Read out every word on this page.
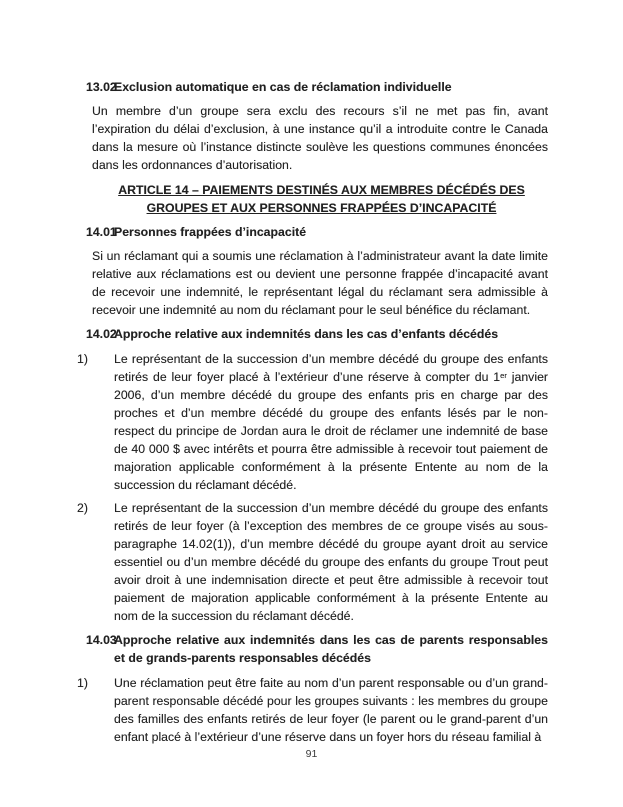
13.02
Exclusion automatique en cas de réclamation individuelle
Un membre d’un groupe sera exclu des recours s’il ne met pas fin, avant l’expiration du délai d’exclusion, à une instance qu’il a introduite contre le Canada dans la mesure où l’instance distincte soulève les questions communes énoncées dans les ordonnances d’autorisation.
ARTICLE 14 – PAIEMENTS DESTINÉS AUX MEMBRES DÉCÉDÉS DES
GROUPES ET AUX PERSONNES FRAPPÉES D’INCAPACITÉ
14.01
Personnes frappées d’incapacité
Si un réclamant qui a soumis une réclamation à l’administrateur avant la date limite relative aux réclamations est ou devient une personne frappée d’incapacité avant de recevoir une indemnité, le représentant légal du réclamant sera admissible à recevoir une indemnité au nom du réclamant pour le seul bénéfice du réclamant.
14.02
Approche relative aux indemnités dans les cas d’enfants décédés
1)	Le représentant de la succession d’un membre décédé du groupe des enfants retirés de leur foyer placé à l’extérieur d’une réserve à compter du 1er janvier 2006, d’un membre décédé du groupe des enfants pris en charge par des proches et d’un membre décédé du groupe des enfants lésés par le non-respect du principe de Jordan aura le droit de réclamer une indemnité de base de 40 000 $ avec intérêts et pourra être admissible à recevoir tout paiement de majoration applicable conformément à la présente Entente au nom de la succession du réclamant décédé.
2)	Le représentant de la succession d’un membre décédé du groupe des enfants retirés de leur foyer (à l’exception des membres de ce groupe visés au sous-paragraphe 14.02(1)), d’un membre décédé du groupe ayant droit au service essentiel ou d’un membre décédé du groupe des enfants du groupe Trout peut avoir droit à une indemnisation directe et peut être admissible à recevoir tout paiement de majoration applicable conformément à la présente Entente au nom de la succession du réclamant décédé.
14.03
Approche relative aux indemnités dans les cas de parents responsables et de grands-parents responsables décédés
1)	Une réclamation peut être faite au nom d’un parent responsable ou d’un grand-parent responsable décédé pour les groupes suivants : les membres du groupe des familles des enfants retirés de leur foyer (le parent ou le grand-parent d’un enfant placé à l’extérieur d’une réserve dans un foyer hors du réseau familial à
91
